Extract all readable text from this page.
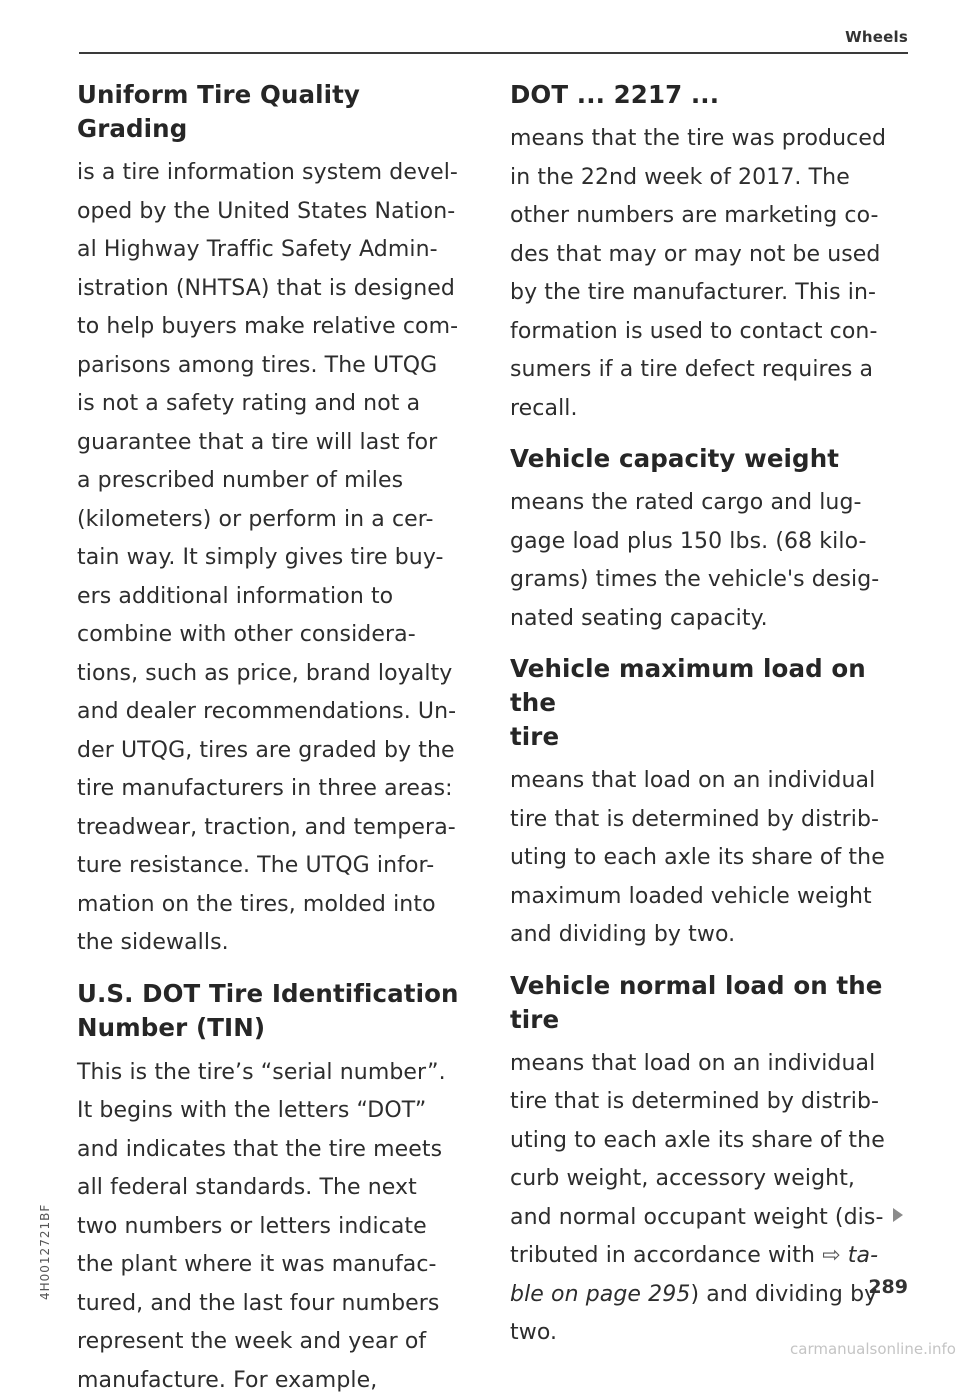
Wheels
Uniform Tire Quality Grading

is a tire information system devel-
oped by the United States Nation-
al Highway Traffic Safety Admin-
istration (NHTSA) that is designed
to help buyers make relative com-
parisons among tires. The UTQG
is not a safety rating and not a
guarantee that a tire will last for
a prescribed number of miles
(kilometers) or perform in a cer-
tain way. It simply gives tire buy-
ers additional information to
combine with other considera-
tions, such as price, brand loyalty
and dealer recommendations. Un-
der UTQG, tires are graded by the
tire manufacturers in three areas:
treadwear, traction, and tempera-
ture resistance. The UTQG infor-
mation on the tires, molded into
the sidewalls.

U.S. DOT Tire Identification
Number (TIN)

This is the tire’s “serial number”.
It begins with the letters “DOT”
and indicates that the tire meets
all federal standards. The next
two numbers or letters indicate
the plant where it was manufac-
tured, and the last four numbers
represent the week and year of
manufacture. For example,

DOT ... 2217 ...

means that the tire was produced
in the 22nd week of 2017. The
other numbers are marketing co-
des that may or may not be used
by the tire manufacturer. This in-
formation is used to contact con-
sumers if a tire defect requires a
recall.

Vehicle capacity weight

means the rated cargo and lug-
gage load plus 150 lbs. (68 kilo-
grams) times the vehicle's desig-
nated seating capacity.

Vehicle maximum load on the
tire

means that load on an individual
tire that is determined by distrib-
uting to each axle its share of the
maximum loaded vehicle weight
and dividing by two.

Vehicle normal load on the tire

means that load on an individual
tire that is determined by distrib-
uting to each axle its share of the
curb weight, accessory weight,
and normal occupant weight (dis-
tributed in accordance with ⇨ ta-
ble on page 295) and dividing by
two.

289
4H0012721BF
carmanualsonline.info
